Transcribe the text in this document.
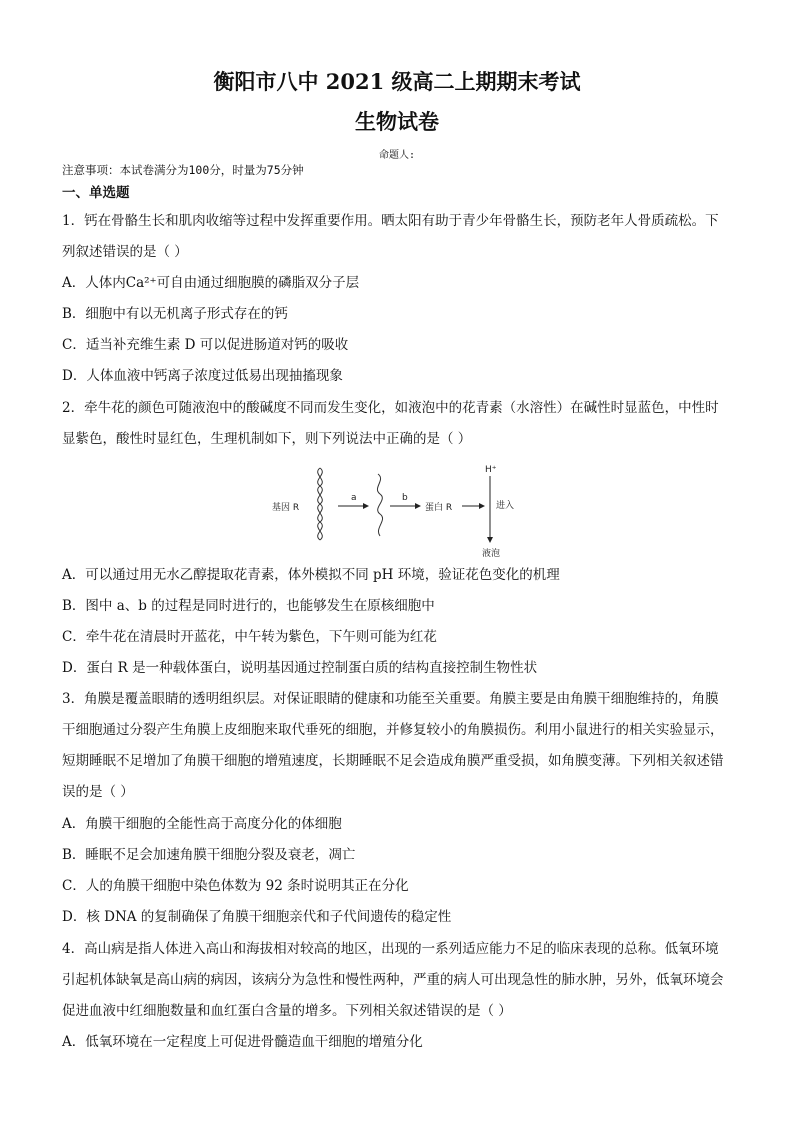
衡阳市八中 2021 级高二上期期末考试
生物试卷
命题人:
注意事项：本试卷满分为100分，时量为75分钟
一、单选题
1．钙在骨骼生长和肌肉收缩等过程中发挥重要作用。晒太阳有助于青少年骨骼生长，预防老年人骨质疏松。下
列叙述错误的是（ ）
A．人体内Ca²⁺可自由通过细胞膜的磷脂双分子层
B．细胞中有以无机离子形式存在的钙
C．适当补充维生素 D 可以促进肠道对钙的吸收
D．人体血液中钙离子浓度过低易出现抽搐现象
2．牵牛花的颜色可随液泡中的酸碱度不同而发生变化，如液泡中的花青素（水溶性）在碱性时显蓝色，中性时
显紫色，酸性时显红色，生理机制如下，则下列说法中正确的是（ ）
基因 R
a	b
蛋白 R
H⁺
进入
液泡
A．可以通过用无水乙醇提取花青素，体外模拟不同 pH 环境，验证花色变化的机理
B．图中 a、b 的过程是同时进行的，也能够发生在原核细胞中
C．牵牛花在清晨时开蓝花，中午转为紫色，下午则可能为红花
D．蛋白 R 是一种载体蛋白，说明基因通过控制蛋白质的结构直接控制生物性状
3．角膜是覆盖眼睛的透明组织层。对保证眼睛的健康和功能至关重要。角膜主要是由角膜干细胞维持的，角膜
干细胞通过分裂产生角膜上皮细胞来取代垂死的细胞，并修复较小的角膜损伤。利用小鼠进行的相关实验显示，
短期睡眠不足增加了角膜干细胞的增殖速度，长期睡眠不足会造成角膜严重受损，如角膜变薄。下列相关叙述错
误的是（ ）
A．角膜干细胞的全能性高于高度分化的体细胞
B．睡眠不足会加速角膜干细胞分裂及衰老，凋亡
C．人的角膜干细胞中染色体数为 92 条时说明其正在分化
D．核 DNA 的复制确保了角膜干细胞亲代和子代间遗传的稳定性
4．高山病是指人体进入高山和海拔相对较高的地区，出现的一系列适应能力不足的临床表现的总称。低氧环境
引起机体缺氧是高山病的病因，该病分为急性和慢性两种，严重的病人可出现急性的肺水肿，另外，低氧环境会
促进血液中红细胞数量和血红蛋白含量的增多。下列相关叙述错误的是（ ）
A．低氧环境在一定程度上可促进骨髓造血干细胞的增殖分化
